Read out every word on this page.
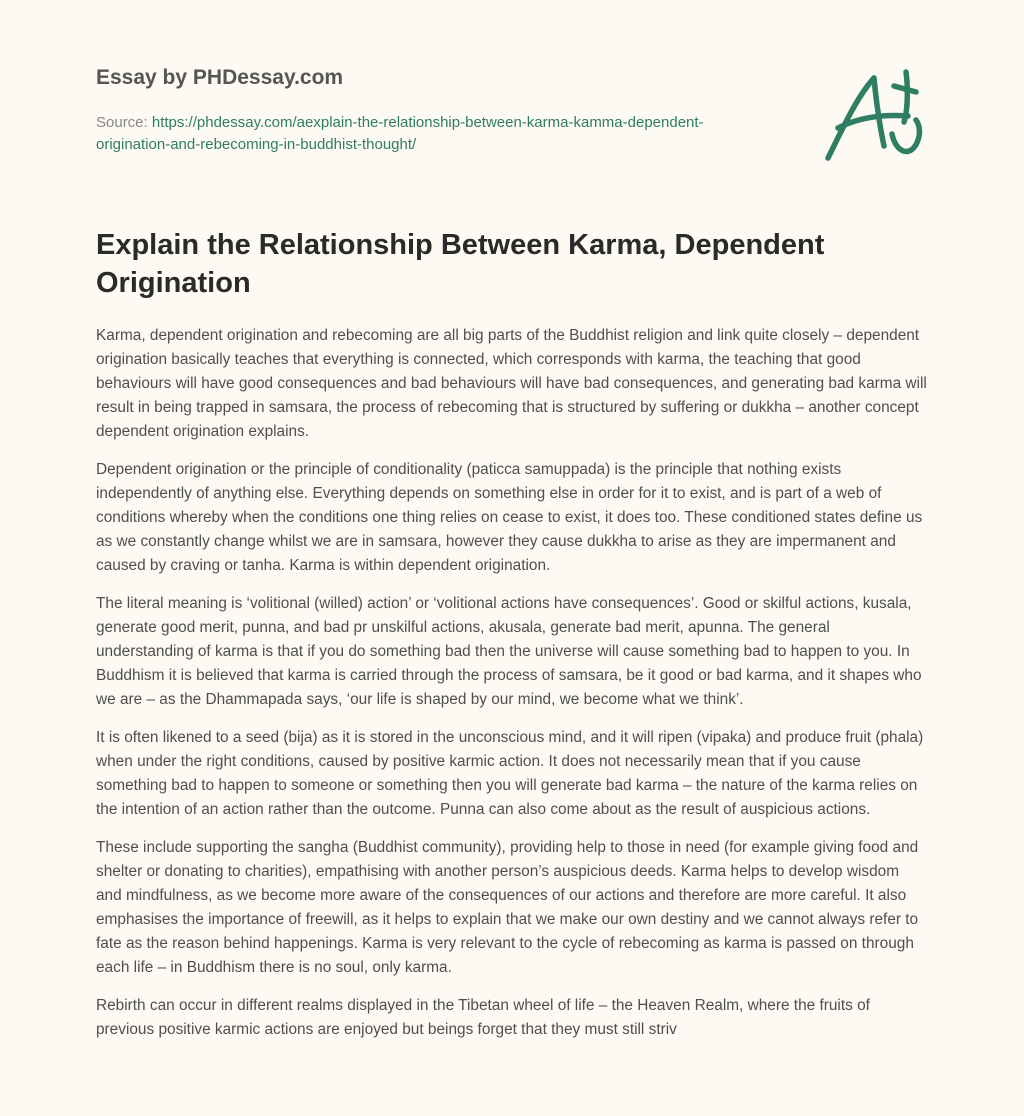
Essay by PHDessay.com
Source: https://phdessay.com/aexplain-the-relationship-between-karma-kamma-dependent-origination-and-rebecoming-in-buddhist-thought/
Explain the Relationship Between Karma, Dependent Origination

Karma, dependent origination and rebecoming are all big parts of the Buddhist religion and link quite closely – dependent origination basically teaches that everything is connected, which corresponds with karma, the teaching that good behaviours will have good consequences and bad behaviours will have bad consequences, and generating bad karma will result in being trapped in samsara, the process of rebecoming that is structured by suffering or dukkha – another concept dependent origination explains.

Dependent origination or the principle of conditionality (paticca samuppada) is the principle that nothing exists independently of anything else. Everything depends on something else in order for it to exist, and is part of a web of conditions whereby when the conditions one thing relies on cease to exist, it does too. These conditioned states define us as we constantly change whilst we are in samsara, however they cause dukkha to arise as they are impermanent and caused by craving or tanha. Karma is within dependent origination.

The literal meaning is ‘volitional (willed) action’ or ‘volitional actions have consequences’. Good or skilful actions, kusala, generate good merit, punna, and bad pr unskilful actions, akusala, generate bad merit, apunna. The general understanding of karma is that if you do something bad then the universe will cause something bad to happen to you. In Buddhism it is believed that karma is carried through the process of samsara, be it good or bad karma, and it shapes who we are – as the Dhammapada says, ‘our life is shaped by our mind, we become what we think’.

It is often likened to a seed (bija) as it is stored in the unconscious mind, and it will ripen (vipaka) and produce fruit (phala) when under the right conditions, caused by positive karmic action. It does not necessarily mean that if you cause something bad to happen to someone or something then you will generate bad karma – the nature of the karma relies on the intention of an action rather than the outcome. Punna can also come about as the result of auspicious actions.

These include supporting the sangha (Buddhist community), providing help to those in need (for example giving food and shelter or donating to charities), empathising with another person’s auspicious deeds. Karma helps to develop wisdom and mindfulness, as we become more aware of the consequences of our actions and therefore are more careful. It also emphasises the importance of freewill, as it helps to explain that we make our own destiny and we cannot always refer to fate as the reason behind happenings. Karma is very relevant to the cycle of rebecoming as karma is passed on through each life – in Buddhism there is no soul, only karma.

Rebirth can occur in different realms displayed in the Tibetan wheel of life – the Heaven Realm, where the fruits of previous positive karmic actions are enjoyed but beings forget that they must still striv
